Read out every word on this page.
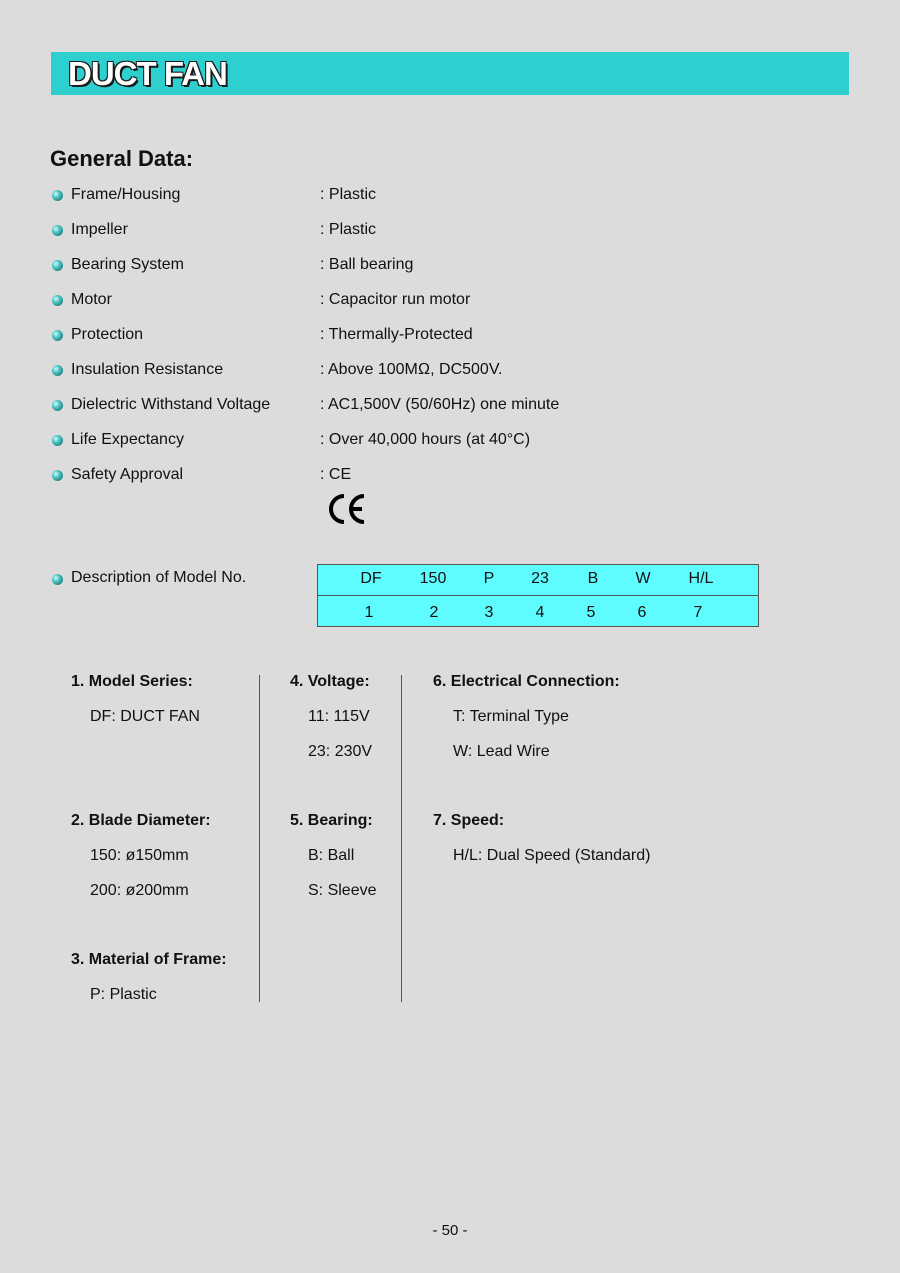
DUCT FAN
General Data:
Frame/Housing	: Plastic
Impeller	: Plastic
Bearing System	: Ball bearing
Motor	: Capacitor run motor
Protection	: Thermally-Protected
Insulation Resistance	: Above 100MΩ, DC500V.
Dielectric Withstand Voltage	: AC1,500V (50/60Hz) one minute
Life Expectancy	: Over 40,000 hours (at 40°C)
Safety Approval	: CE
Description of Model No.	DF	150	P	23	B	W	H/L
1	2	3	4	5	6	7
1. Model Series:
DF: DUCT FAN
2. Blade Diameter:
150: ø150mm
200: ø200mm
3. Material of Frame:
P: Plastic
4. Voltage:
11: 115V
23: 230V
5. Bearing:
B: Ball
S: Sleeve
6. Electrical Connection:
T: Terminal Type
W: Lead Wire
7. Speed:
H/L: Dual Speed (Standard)
- 50 -
